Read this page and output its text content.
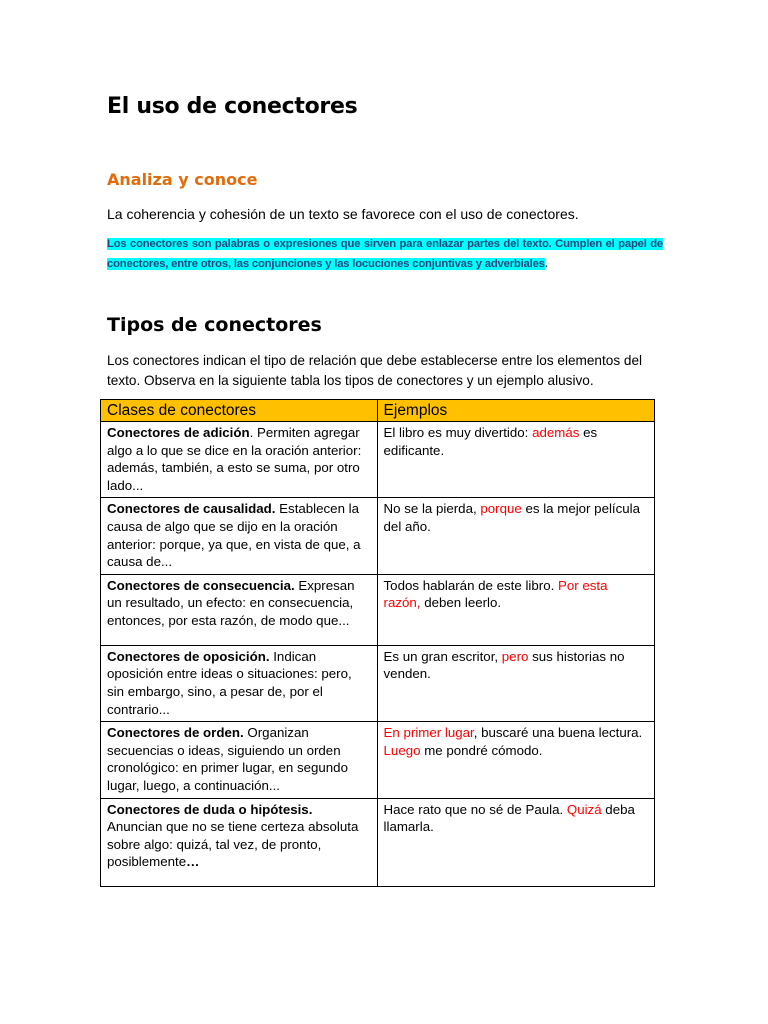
El uso de conectores
Analiza y conoce

La coherencia y cohesión de un texto se favorece con el uso de conectores.

Los conectores son palabras o expresiones que sirven para enlazar partes del texto. Cumplen el papel de conectores, entre otros, las conjunciones y las locuciones conjuntivas y adverbiales.

Tipos de conectores

Los conectores indican el tipo de relación que debe establecerse entre los elementos del texto. Observa en la siguiente tabla los tipos de conectores y un ejemplo alusivo.

Clases de conectores	Ejemplos
Conectores de adición. Permiten agregar algo a lo que se dice en la oración anterior: además, también, a esto se suma, por otro lado...	El libro es muy divertido: además es edificante.
Conectores de causalidad. Establecen la causa de algo que se dijo en la oración anterior: porque, ya que, en vista de que, a causa de...	No se la pierda, porque es la mejor película del año.
Conectores de consecuencia. Expresan un resultado, un efecto: en consecuencia, entonces, por esta razón, de modo que...	Todos hablarán de este libro. Por esta razón, deben leerlo.
Conectores de oposición. Indican oposición entre ideas o situaciones: pero, sin embargo, sino, a pesar de, por el contrario...	Es un gran escritor, pero sus historias no venden.
Conectores de orden. Organizan secuencias o ideas, siguiendo un orden cronológico: en primer lugar, en segundo lugar, luego, a continuación...	En primer lugar, buscaré una buena lectura. Luego me pondré cómodo.
Conectores de duda o hipótesis. Anuncian que no se tiene certeza absoluta sobre algo: quizá, tal vez, de pronto, posiblemente…	Hace rato que no sé de Paula. Quizá deba llamarla.
